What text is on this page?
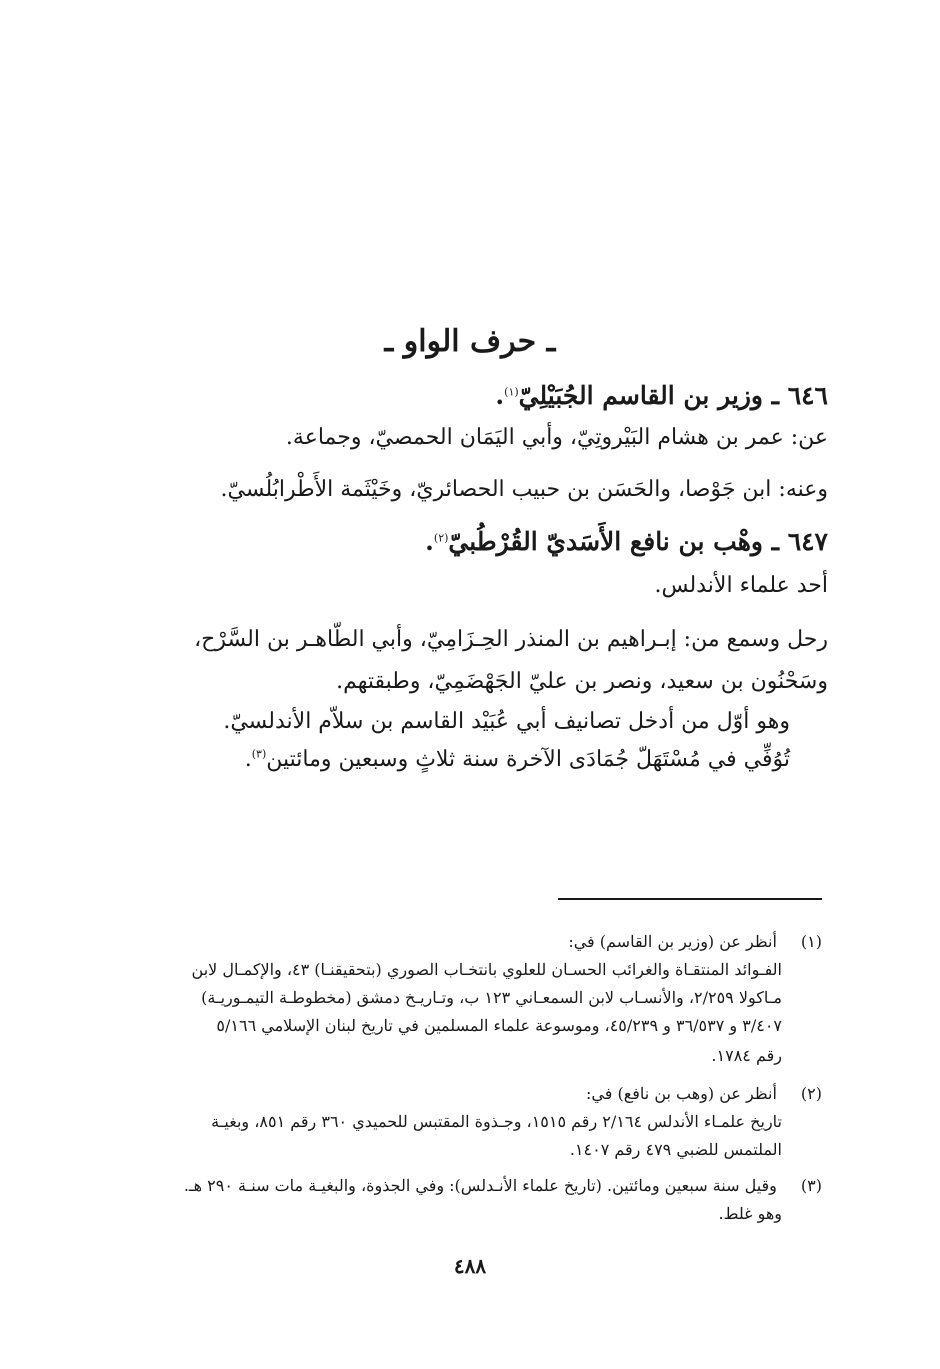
ـ حرف الواو ـ
٦٤٦ ـ وزير بن القاسم الجُبَيْلِيّ$^{(١)}$.
عن: عمر بن هشام البَيْروتِيّ، وأبي اليَمَان الحمصيّ، وجماعة.
وعنه: ابن جَوْصا، والحَسَن بن حبيب الحصائريّ، وخَيْثَمة الأَطْرابُلُسيّ.
٦٤٧ ـ وهْب بن نافع الأَسَديّ القُرْطُبيّ$^{(٢)}$.
أحد علماء الأندلس.
رحل وسمع من: إبـراهيم بن المنذر الحِـزَامِيّ، وأبي الطّاهـر بن السَّرْح،
وسَحْنُون بن سعيد، ونصر بن عليّ الجَهْضَمِيّ، وطبقتهم.
وهو أوّل من أدخل تصانيف أبي عُبَيْد القاسم بن سلاّم الأندلسيّ.
تُوُفِّي في مُسْتَهَلّ جُمَادَى الآخرة سنة ثلاثٍ وسبعين ومائتين$^{(٣)}$.
(١) أنظر عن (وزير بن القاسم) في:
الفـوائد المنتقـاة والغرائب الحسـان للعلوي بانتخـاب الصوري (بتحقيقنـا) ٤٣، والإكمـال لابن
مـاكولا ٢/٢٥٩، والأنسـاب لابن السمعـاني ١٢٣ ب، وتـاريـخ دمشق (مخطوطـة التيمـوريـة)
٣/٤٠٧ و ٣٦/٥٣٧ و ٤٥/٢٣٩، وموسوعة علماء المسلمين في تاريخ لبنان الإسلامي ٥/١٦٦
رقم ١٧٨٤.
(٢) أنظر عن (وهب بن نافع) في:
تاريخ علمـاء الأندلس ٢/١٦٤ رقم ١٥١٥، وجـذوة المقتبس للحميدي ٣٦٠ رقم ٨٥١، وبغيـة
الملتمس للضبي ٤٧٩ رقم ١٤٠٧.
(٣) وقيل سنة سبعين ومائتين. (تاريخ علماء الأنـدلس): وفي الجذوة، والبغيـة مات سنـة ٢٩٠ هـ.
وهو غلط.
٤٨٨
